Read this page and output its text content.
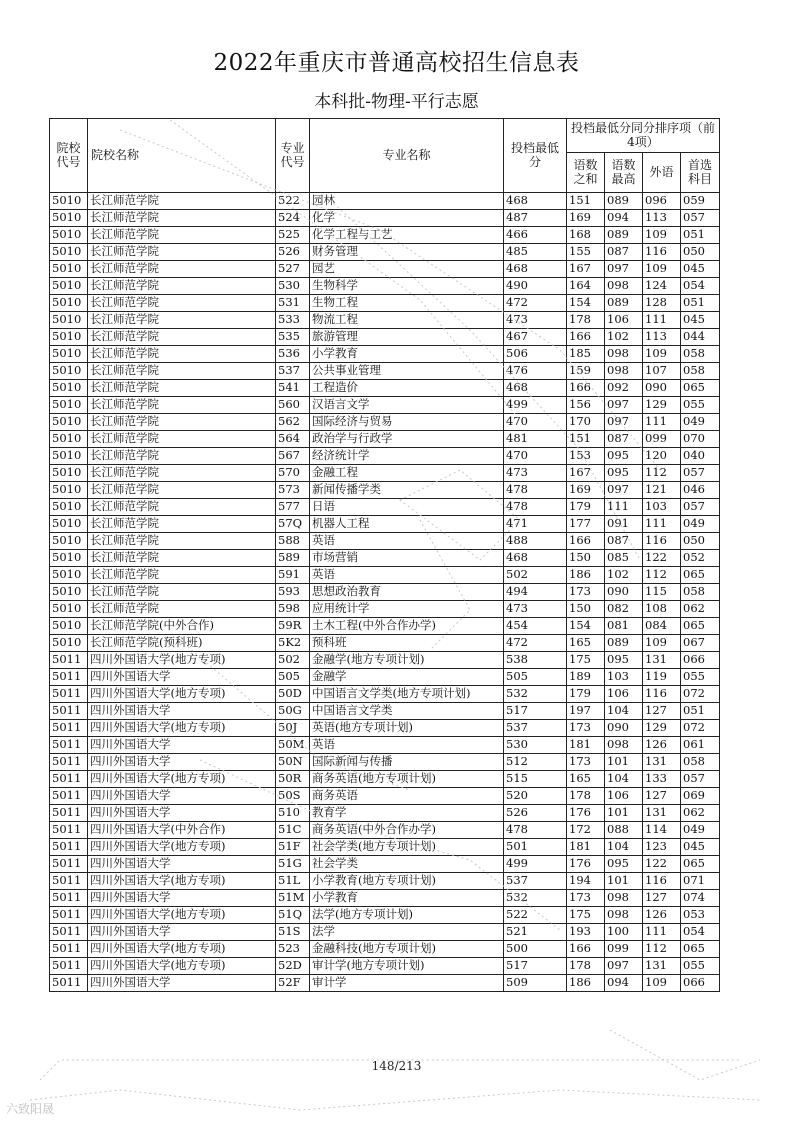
2022年重庆市普通高校招生信息表
本科批-物理-平行志愿
院校代号	院校名称	专业代号	专业名称	投档最低分	投档最低分同分排序项（前4项）			
					语数之和	语数最高	外语	首选科目
5010	长江师范学院	522	园林	468	151	089	096	059
5010	长江师范学院	524	化学	487	169	094	113	057
5010	长江师范学院	525	化学工程与工艺	466	168	089	109	051
5010	长江师范学院	526	财务管理	485	155	087	116	050
5010	长江师范学院	527	园艺	468	167	097	109	045
5010	长江师范学院	530	生物科学	490	164	098	124	054
5010	长江师范学院	531	生物工程	472	154	089	128	051
5010	长江师范学院	533	物流工程	473	178	106	111	045
5010	长江师范学院	535	旅游管理	467	166	102	113	044
5010	长江师范学院	536	小学教育	506	185	098	109	058
5010	长江师范学院	537	公共事业管理	476	159	098	107	058
5010	长江师范学院	541	工程造价	468	166	092	090	065
5010	长江师范学院	560	汉语言文学	499	156	097	129	055
5010	长江师范学院	562	国际经济与贸易	470	170	097	111	049
5010	长江师范学院	564	政治学与行政学	481	151	087	099	070
5010	长江师范学院	567	经济统计学	470	153	095	120	040
5010	长江师范学院	570	金融工程	473	167	095	112	057
5010	长江师范学院	573	新闻传播学类	478	169	097	121	046
5010	长江师范学院	577	日语	478	179	111	103	057
5010	长江师范学院	57Q	机器人工程	471	177	091	111	049
5010	长江师范学院	588	英语	488	166	087	116	050
5010	长江师范学院	589	市场营销	468	150	085	122	052
5010	长江师范学院	591	英语	502	186	102	112	065
5010	长江师范学院	593	思想政治教育	494	173	090	115	058
5010	长江师范学院	598	应用统计学	473	150	082	108	062
5010	长江师范学院(中外合作)	59R	土木工程(中外合作办学)	454	154	081	084	065
5010	长江师范学院(预科班)	5K2	预科班	472	165	089	109	067
5011	四川外国语大学(地方专项)	502	金融学(地方专项计划)	538	175	095	131	066
5011	四川外国语大学	505	金融学	505	189	103	119	055
5011	四川外国语大学(地方专项)	50D	中国语言文学类(地方专项计划)	532	179	106	116	072
5011	四川外国语大学	50G	中国语言文学类	517	197	104	127	051
5011	四川外国语大学(地方专项)	50J	英语(地方专项计划)	537	173	090	129	072
5011	四川外国语大学	50M	英语	530	181	098	126	061
5011	四川外国语大学	50N	国际新闻与传播	512	173	101	131	058
5011	四川外国语大学(地方专项)	50R	商务英语(地方专项计划)	515	165	104	133	057
5011	四川外国语大学	50S	商务英语	520	178	106	127	069
5011	四川外国语大学	510	教育学	526	176	101	131	062
5011	四川外国语大学(中外合作)	51C	商务英语(中外合作办学)	478	172	088	114	049
5011	四川外国语大学(地方专项)	51F	社会学类(地方专项计划)	501	181	104	123	045
5011	四川外国语大学	51G	社会学类	499	176	095	122	065
5011	四川外国语大学(地方专项)	51L	小学教育(地方专项计划)	537	194	101	116	071
5011	四川外国语大学	51M	小学教育	532	173	098	127	074
5011	四川外国语大学(地方专项)	51Q	法学(地方专项计划)	522	175	098	126	053
5011	四川外国语大学	51S	法学	521	193	100	111	054
5011	四川外国语大学(地方专项)	523	金融科技(地方专项计划)	500	166	099	112	065
5011	四川外国语大学(地方专项)	52D	审计学(地方专项计划)	517	178	097	131	055
5011	四川外国语大学	52F	审计学	509	186	094	109	066
148/213
六致阳晟
